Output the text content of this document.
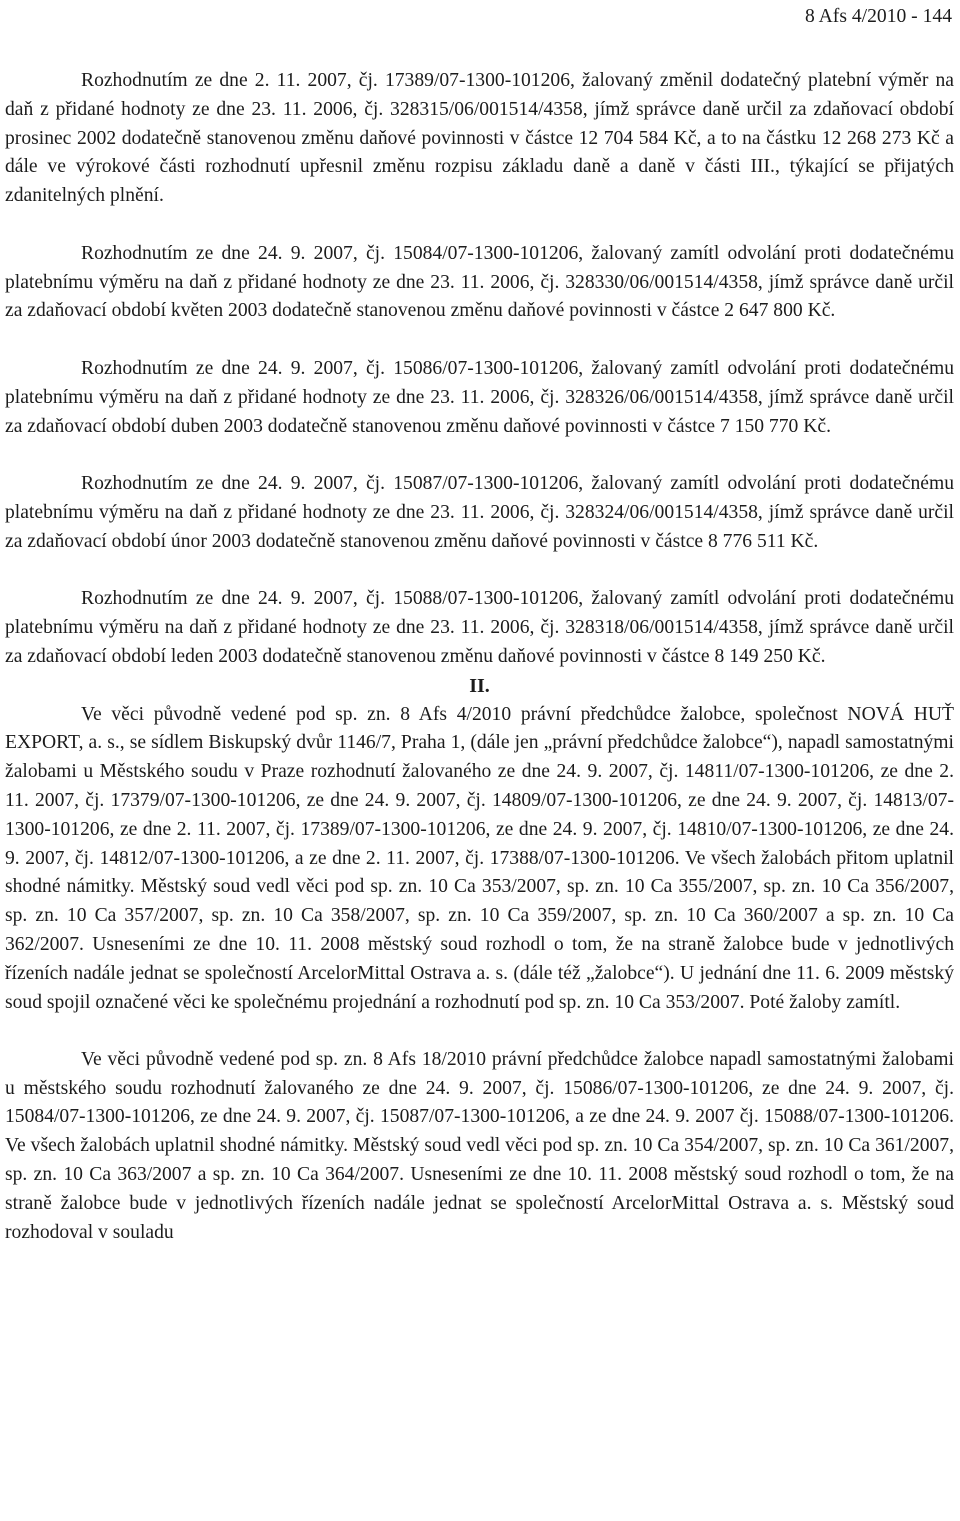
8 Afs 4/2010 - 144

Rozhodnutím ze dne 2. 11. 2007, čj. 17389/07-1300-101206, žalovaný změnil dodatečný platební výměr na daň z přidané hodnoty ze dne 23. 11. 2006, čj. 328315/06/001514/4358, jímž správce daně určil za zdaňovací období prosinec 2002 dodatečně stanovenou změnu daňové povinnosti v částce 12 704 584 Kč, a to na částku 12 268 273 Kč a dále ve výrokové části rozhodnutí upřesnil změnu rozpisu základu daně a daně v části III., týkající se přijatých zdanitelných plnění.

Rozhodnutím ze dne 24. 9. 2007, čj. 15084/07-1300-101206, žalovaný zamítl odvolání proti dodatečnému platebnímu výměru na daň z přidané hodnoty ze dne 23. 11. 2006, čj. 328330/06/001514/4358, jímž správce daně určil za zdaňovací období květen 2003 dodatečně stanovenou změnu daňové povinnosti v částce 2 647 800 Kč.

Rozhodnutím ze dne 24. 9. 2007, čj. 15086/07-1300-101206, žalovaný zamítl odvolání proti dodatečnému platebnímu výměru na daň z přidané hodnoty ze dne 23. 11. 2006, čj. 328326/06/001514/4358, jímž správce daně určil za zdaňovací období duben 2003 dodatečně stanovenou změnu daňové povinnosti v částce 7 150 770 Kč.

Rozhodnutím ze dne 24. 9. 2007, čj. 15087/07-1300-101206, žalovaný zamítl odvolání proti dodatečnému platebnímu výměru na daň z přidané hodnoty ze dne 23. 11. 2006, čj. 328324/06/001514/4358, jímž správce daně určil za zdaňovací období únor 2003 dodatečně stanovenou změnu daňové povinnosti v částce 8 776 511 Kč.

Rozhodnutím ze dne 24. 9. 2007, čj. 15088/07-1300-101206, žalovaný zamítl odvolání proti dodatečnému platebnímu výměru na daň z přidané hodnoty ze dne 23. 11. 2006, čj. 328318/06/001514/4358, jímž správce daně určil za zdaňovací období leden 2003 dodatečně stanovenou změnu daňové povinnosti v částce 8 149 250 Kč.

II.

Ve věci původně vedené pod sp. zn. 8 Afs 4/2010 právní předchůdce žalobce, společnost NOVÁ HUŤ EXPORT, a. s., se sídlem Biskupský dvůr 1146/7, Praha 1, (dále jen „právní předchůdce žalobce“), napadl samostatnými žalobami u Městského soudu v Praze rozhodnutí žalovaného ze dne 24. 9. 2007, čj. 14811/07-1300-101206, ze dne 2. 11. 2007, čj. 17379/07-1300-101206, ze dne 24. 9. 2007, čj. 14809/07-1300-101206, ze dne 24. 9. 2007, čj. 14813/07-1300-101206, ze dne 2. 11. 2007, čj. 17389/07-1300-101206, ze dne 24. 9. 2007, čj. 14810/07-1300-101206, ze dne 24. 9. 2007, čj. 14812/07-1300-101206, a ze dne 2. 11. 2007, čj. 17388/07-1300-101206. Ve všech žalobách přitom uplatnil shodné námitky. Městský soud vedl věci pod sp. zn. 10 Ca 353/2007, sp. zn. 10 Ca 355/2007, sp. zn. 10 Ca 356/2007, sp. zn. 10 Ca 357/2007, sp. zn. 10 Ca 358/2007, sp. zn. 10 Ca 359/2007, sp. zn. 10 Ca 360/2007 a sp. zn. 10 Ca 362/2007. Usneseními ze dne 10. 11. 2008 městský soud rozhodl o tom, že na straně žalobce bude v jednotlivých řízeních nadále jednat se společností ArcelorMittal Ostrava a. s. (dále též „žalobce“). U jednání dne 11. 6. 2009 městský soud spojil označené věci ke společnému projednání a rozhodnutí pod sp. zn. 10 Ca 353/2007. Poté žaloby zamítl.

Ve věci původně vedené pod sp. zn. 8 Afs 18/2010 právní předchůdce žalobce napadl samostatnými žalobami u městského soudu rozhodnutí žalovaného ze dne 24. 9. 2007, čj. 15086/07-1300-101206, ze dne 24. 9. 2007, čj. 15084/07-1300-101206, ze dne 24. 9. 2007, čj. 15087/07-1300-101206, a ze dne 24. 9. 2007 čj. 15088/07-1300-101206. Ve všech žalobách uplatnil shodné námitky. Městský soud vedl věci pod sp. zn. 10 Ca 354/2007, sp. zn. 10 Ca 361/2007, sp. zn. 10 Ca 363/2007 a sp. zn. 10 Ca 364/2007. Usneseními ze dne 10. 11. 2008 městský soud rozhodl o tom, že na straně žalobce bude v jednotlivých řízeních nadále jednat se společností ArcelorMittal Ostrava a. s. Městský soud rozhodoval v souladu
